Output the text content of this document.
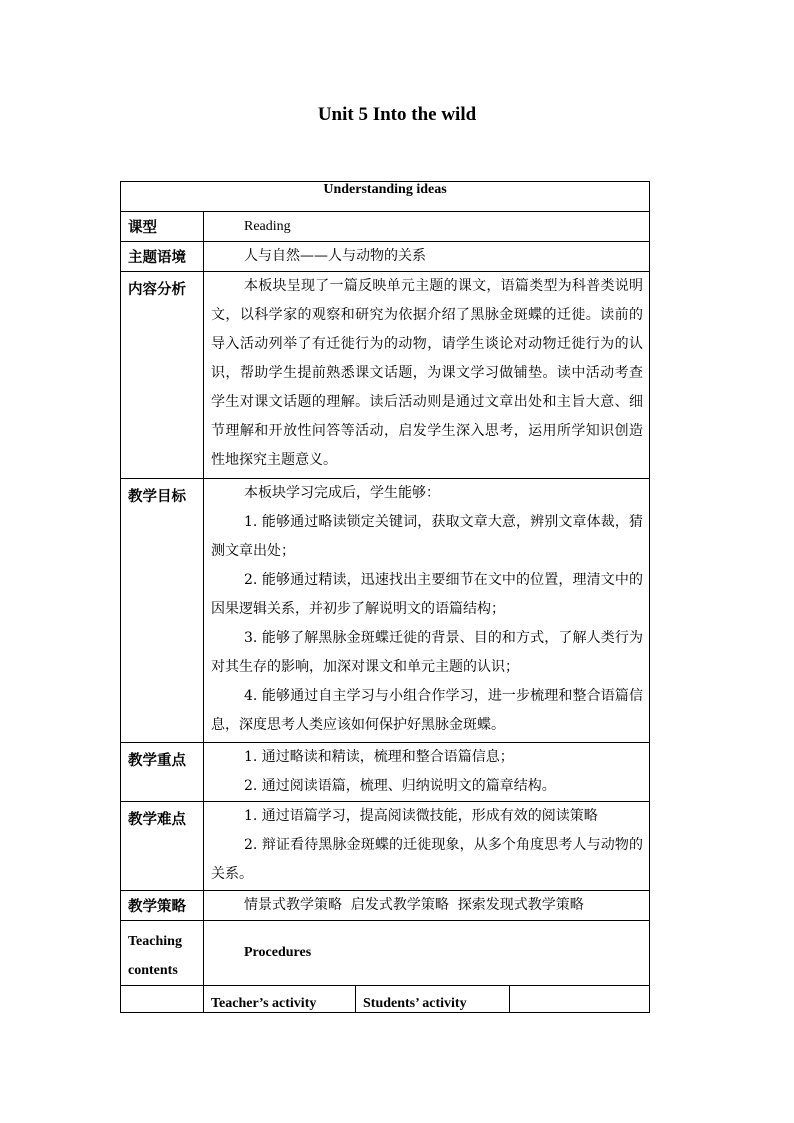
Unit 5 Into the wild
Understanding ideas			
课型	Reading		
主题语境	人与自然——人与动物的关系		
内容分析	本板块呈现了一篇反映单元主题的课文，语篇类型为科普类说明文，以科学家的观察和研究为依据介绍了黑脉金斑蝶的迁徙。读前的导入活动列举了有迁徙行为的动物，请学生谈论对动物迁徙行为的认识，帮助学生提前熟悉课文话题，为课文学习做铺垫。读中活动考查学生对课文话题的理解。读后活动则是通过文章出处和主旨大意、细节理解和开放性问答等活动，启发学生深入思考，运用所学知识创造性地探究主题意义。		

教学目标	本板块学习完成后，学生能够：

1. 能够通过略读锁定关键词，获取文章大意，辨别文章体裁，猜测文章出处；

2. 能够通过精读，迅速找出主要细节在文中的位置，理清文中的因果逻辑关系，并初步了解说明文的语篇结构；

3. 能够了解黑脉金斑蝶迁徙的背景、目的和方式，了解人类行为对其生存的影响，加深对课文和单元主题的认识；

4. 能够通过自主学习与小组合作学习，进一步梳理和整合语篇信息，深度思考人类应该如何保护好黑脉金斑蝶。		

教学重点	1. 通过略读和精读，梳理和整合语篇信息；

2. 通过阅读语篇，梳理、归纳说明文的篇章结构。		

教学难点	1. 通过语篇学习，提高阅读微技能，形成有效的阅读策略

2. 辩证看待黑脉金斑蝶的迁徙现象，从多个角度思考人与动物的关系。		

教学策略	情景式教学策略  启发式教学策略  探索发现式教学策略		
Teaching contents	Procedures		
	Teacher’s activity	Students’ activity	
